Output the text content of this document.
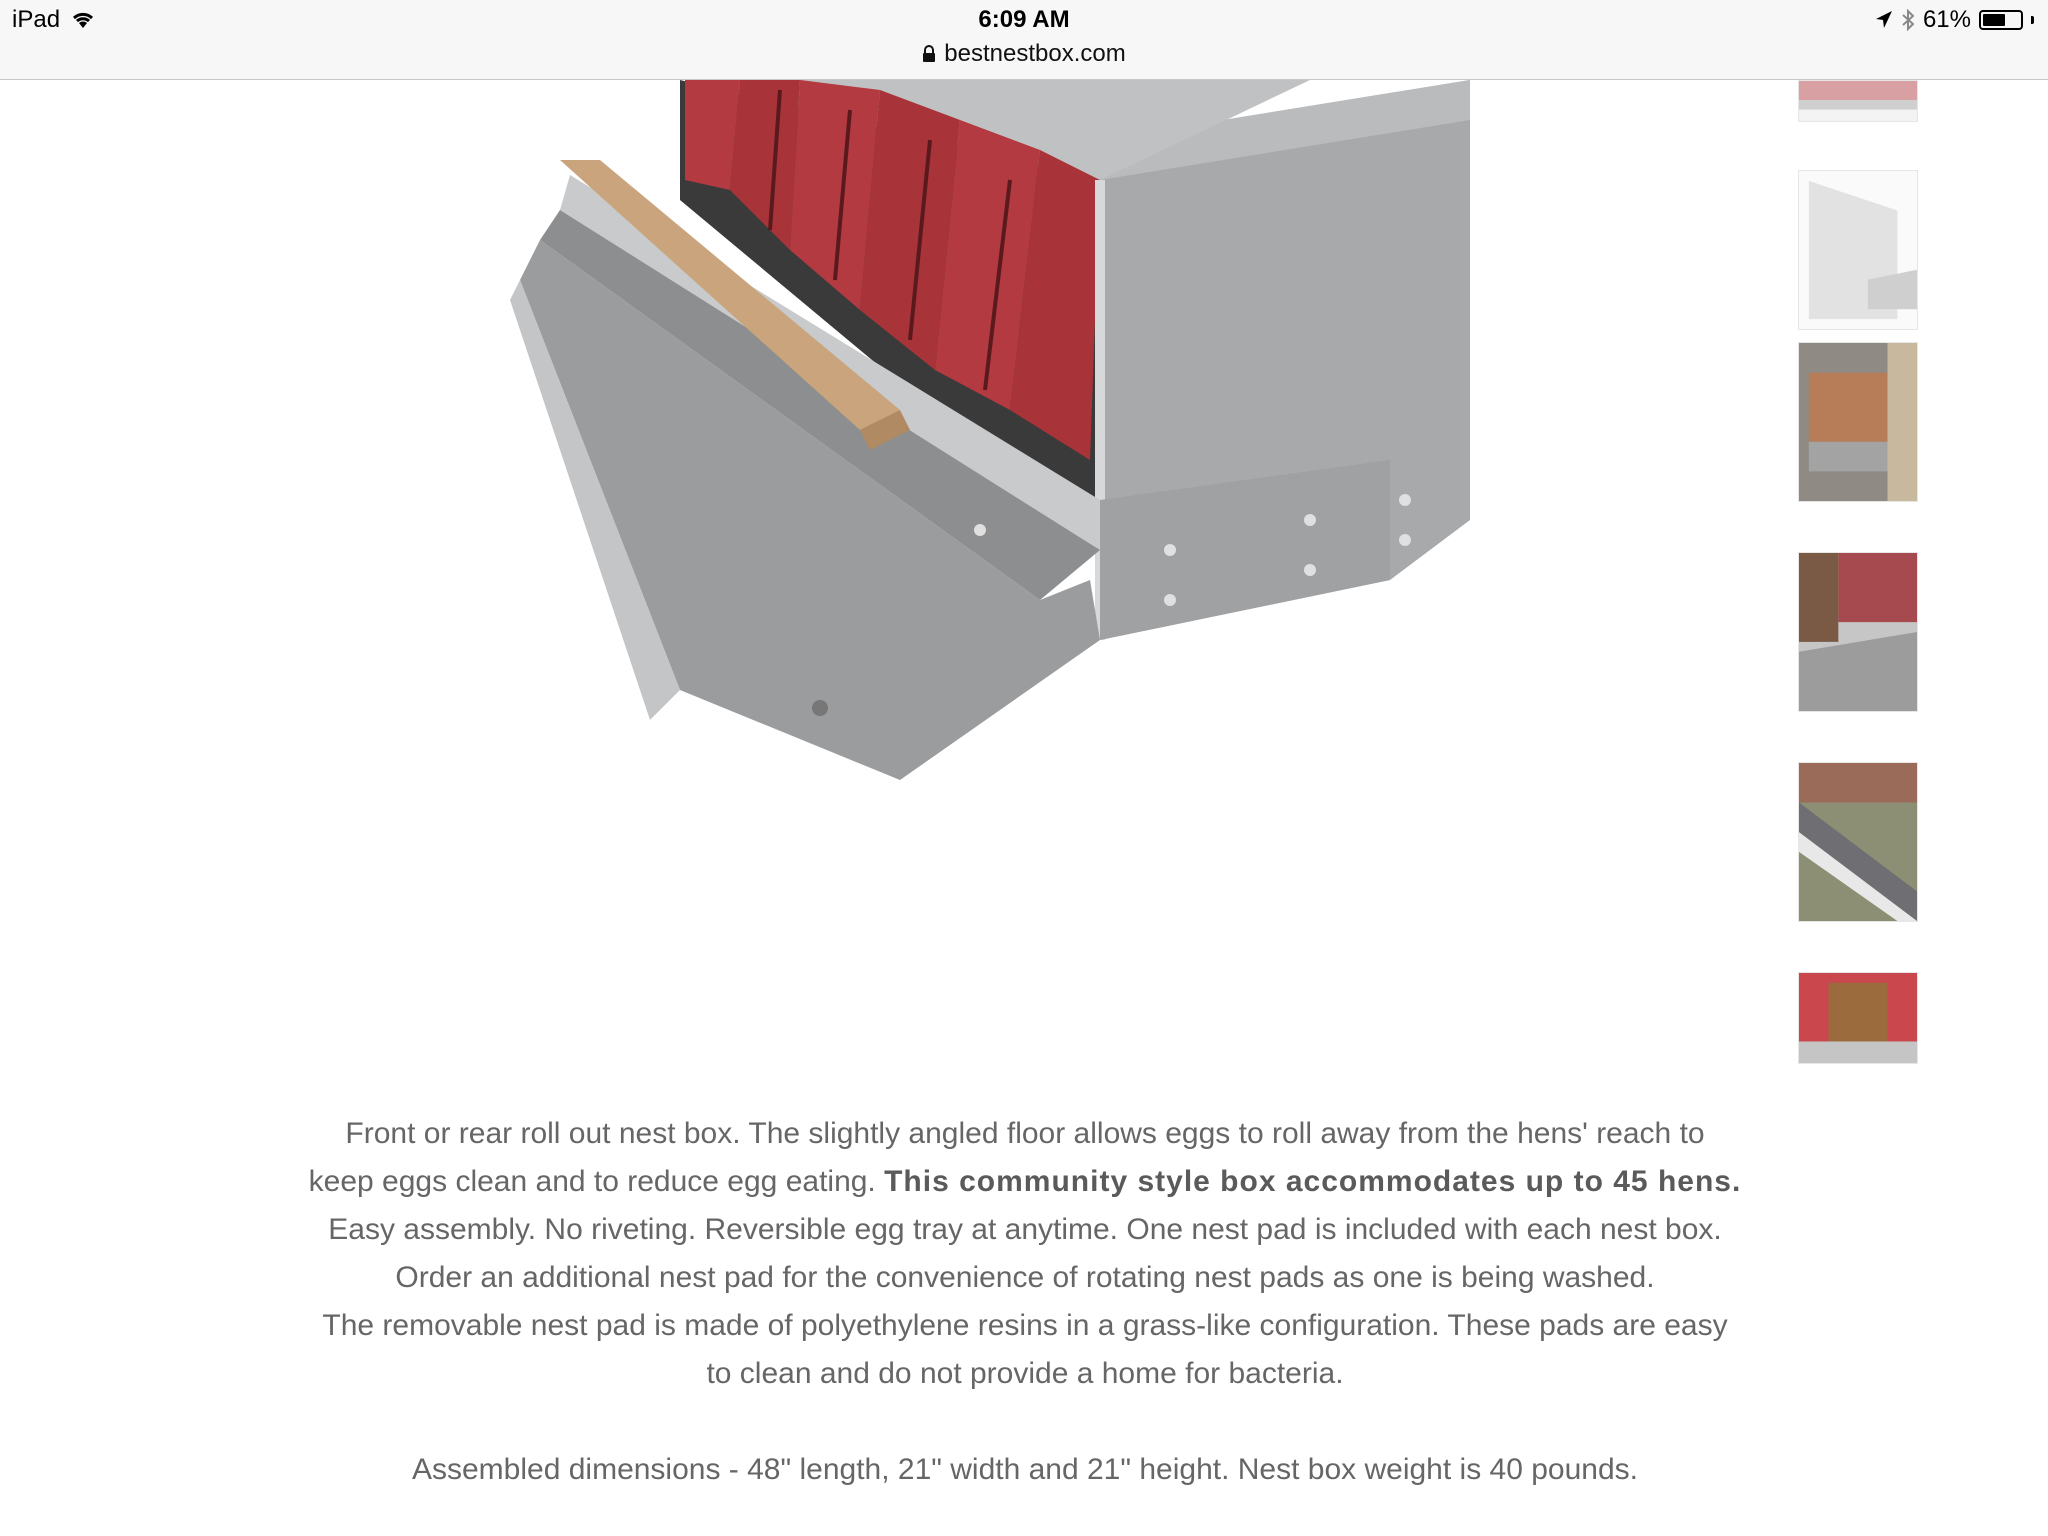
iPad	6:09 AM	61%
bestnestbox.com
Front or rear roll out nest box. The slightly angled floor allows eggs to roll away from the hens' reach to
keep eggs clean and to reduce egg eating. This community style box accommodates up to 45 hens.
Easy assembly. No riveting. Reversible egg tray at anytime. One nest pad is included with each nest box.
Order an additional nest pad for the convenience of rotating nest pads as one is being washed.
The removable nest pad is made of polyethylene resins in a grass-like configuration. These pads are easy
to clean and do not provide a home for bacteria.
Assembled dimensions - 48" length, 21" width and 21" height. Nest box weight is 40 pounds.
